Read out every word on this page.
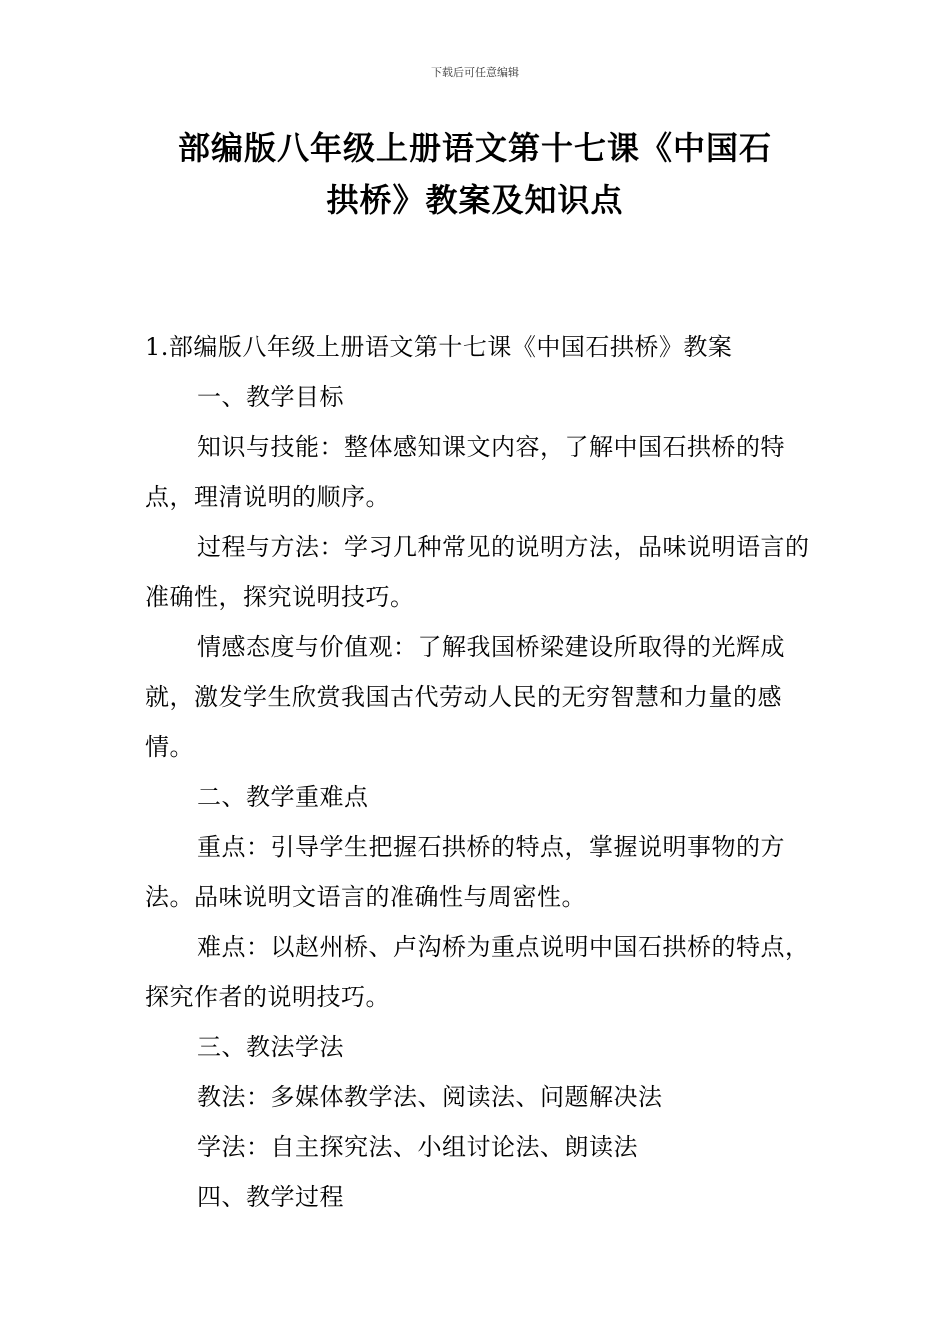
下载后可任意编辑
部编版八年级上册语文第十七课《中国石
拱桥》教案及知识点

1.部编版八年级上册语文第十七课《中国石拱桥》教案

一、教学目标

知识与技能：整体感知课文内容，了解中国石拱桥的特点，理清说明的顺序。

过程与方法：学习几种常见的说明方法，品味说明语言的准确性，探究说明技巧。

情感态度与价值观：了解我国桥梁建设所取得的光辉成就，激发学生欣赏我国古代劳动人民的无穷智慧和力量的感情。

二、教学重难点

重点：引导学生把握石拱桥的特点，掌握说明事物的方法。品味说明文语言的准确性与周密性。

难点：以赵州桥、卢沟桥为重点说明中国石拱桥的特点，探究作者的说明技巧。

三、教法学法

教法：多媒体教学法、阅读法、问题解决法

学法：自主探究法、小组讨论法、朗读法

四、教学过程
